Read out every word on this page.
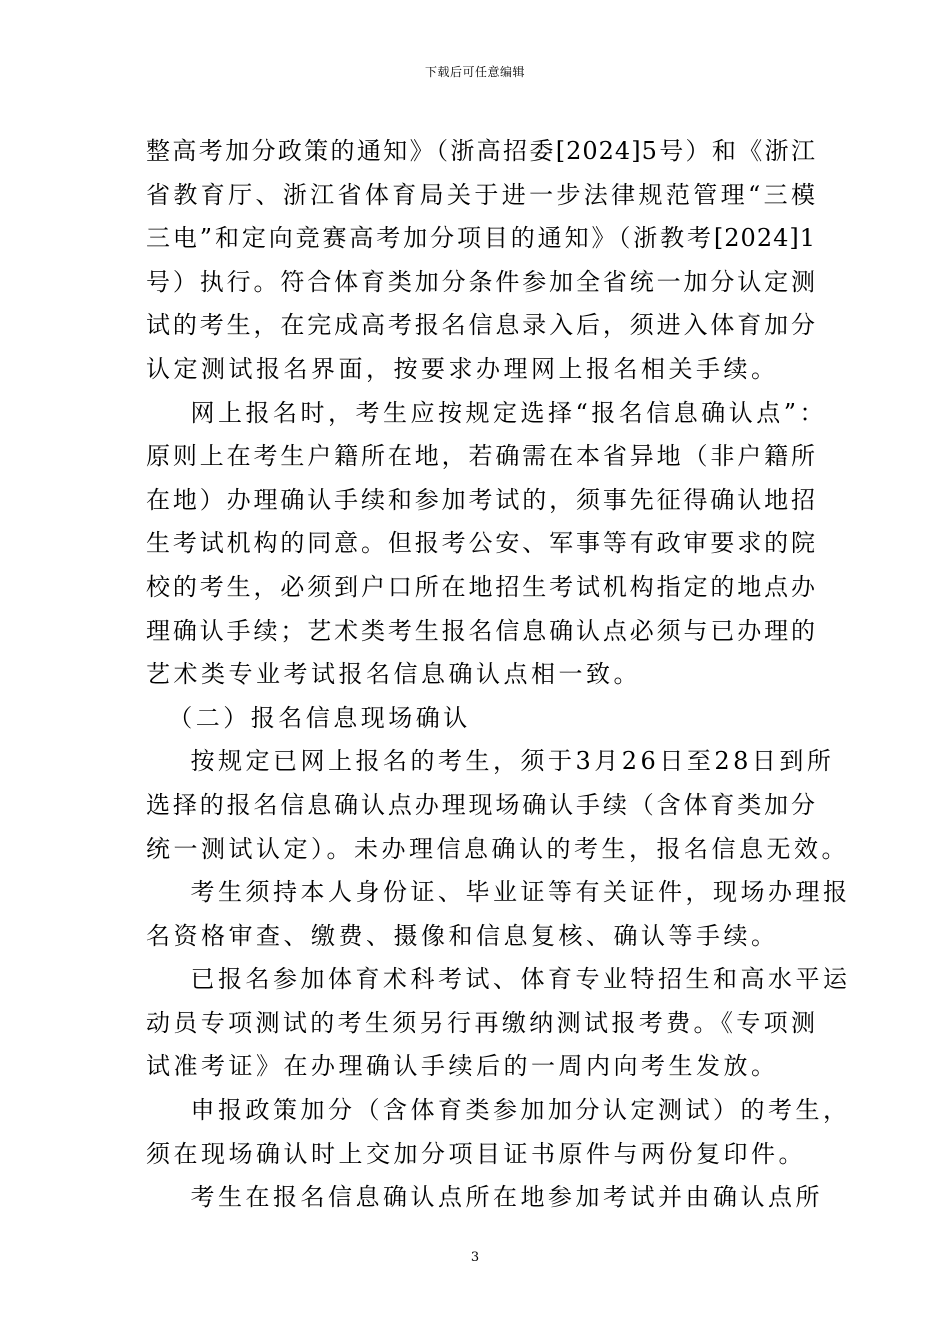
下载后可任意编辑
整高考加分政策的通知》（浙高招委[2024]5号）和《浙江
省教育厅、浙江省体育局关于进一步法律规范管理“三模
三电”和定向竞赛高考加分项目的通知》（浙教考[2024]1
号）执行。符合体育类加分条件参加全省统一加分认定测
试的考生，在完成高考报名信息录入后，须进入体育加分
认定测试报名界面，按要求办理网上报名相关手续。
网上报名时，考生应按规定选择“报名信息确认点”：
原则上在考生户籍所在地，若确需在本省异地（非户籍所
在地）办理确认手续和参加考试的，须事先征得确认地招
生考试机构的同意。但报考公安、军事等有政审要求的院
校的考生，必须到户口所在地招生考试机构指定的地点办
理确认手续；艺术类考生报名信息确认点必须与已办理的
艺术类专业考试报名信息确认点相一致。
（二）报名信息现场确认
按规定已网上报名的考生，须于3月26日至28日到所
选择的报名信息确认点办理现场确认手续（含体育类加分
统一测试认定）。未办理信息确认的考生，报名信息无效。
考生须持本人身份证、毕业证等有关证件，现场办理报
名资格审查、缴费、摄像和信息复核、确认等手续。
已报名参加体育术科考试、体育专业特招生和高水平运
动员专项测试的考生须另行再缴纳测试报考费。《专项测
试准考证》在办理确认手续后的一周内向考生发放。
申报政策加分（含体育类参加加分认定测试）的考生，
须在现场确认时上交加分项目证书原件与两份复印件。
考生在报名信息确认点所在地参加考试并由确认点所
3
